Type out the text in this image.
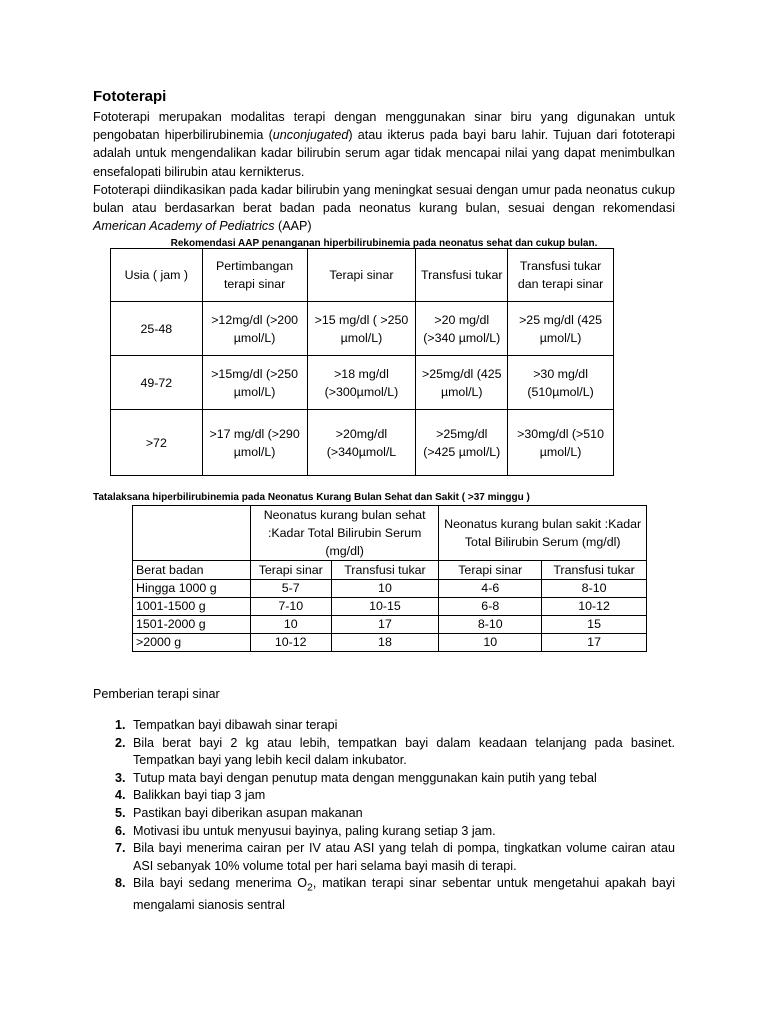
Fototerapi

Fototerapi merupakan modalitas terapi dengan menggunakan sinar biru yang digunakan untuk pengobatan hiperbilirubinemia (unconjugated) atau ikterus pada bayi baru lahir. Tujuan dari fototerapi adalah untuk mengendalikan kadar bilirubin serum agar tidak mencapai nilai yang dapat menimbulkan ensefalopati bilirubin atau kernikterus.

Fototerapi diindikasikan pada kadar bilirubin yang meningkat sesuai dengan umur pada neonatus cukup bulan atau berdasarkan berat badan pada neonatus kurang bulan, sesuai dengan rekomendasi American Academy of Pediatrics (AAP)

Rekomendasi AAP penanganan hiperbilirubinemia pada neonatus sehat dan cukup bulan.
Usia ( jam )	Pertimbangan terapi sinar	Terapi sinar	Transfusi tukar	Transfusi tukar dan terapi sinar
25-48	>12mg/dl (>200 µmol/L)	>15 mg/dl ( >250 µmol/L)	>20 mg/dl (>340 µmol/L)	>25 mg/dl (425 µmol/L)
49-72	>15mg/dl (>250 µmol/L)	>18 mg/dl (>300µmol/L)	>25mg/dl (425 µmol/L)	>30 mg/dl (510µmol/L)
>72	>17 mg/dl (>290 µmol/L)	>20mg/dl (>340µmol/L	>25mg/dl (>425 µmol/L)	>30mg/dl (>510 µmol/L)
Tatalaksana hiperbilirubinemia pada Neonatus Kurang Bulan Sehat dan Sakit ( >37 minggu )
	Neonatus kurang bulan sehat :Kadar Total Bilirubin Serum (mg/dl)		Neonatus kurang bulan sakit :Kadar Total Bilirubin Serum (mg/dl)	
Berat badan	Terapi sinar	Transfusi tukar	Terapi sinar	Transfusi tukar
Hingga 1000 g	5-7	10	4-6	8-10
1001-1500 g	7-10	10-15	6-8	10-12
1501-2000 g	10	17	8-10	15
>2000 g	10-12	18	10	17
Pemberian terapi sinar
1. Tempatkan bayi dibawah sinar terapi
2. Bila berat bayi 2 kg atau lebih, tempatkan bayi dalam keadaan telanjang pada basinet. Tempatkan bayi yang lebih kecil dalam inkubator.
3. Tutup mata bayi dengan penutup mata dengan menggunakan kain putih yang tebal
4. Balikkan bayi tiap 3 jam
5. Pastikan bayi diberikan asupan makanan
6. Motivasi ibu untuk menyusui bayinya, paling kurang setiap 3 jam.
7. Bila bayi menerima cairan per IV atau ASI yang telah di pompa, tingkatkan volume cairan atau ASI sebanyak 10% volume total per hari selama bayi masih di terapi.
8. Bila bayi sedang menerima $O_2$, matikan terapi sinar sebentar untuk mengetahui apakah bayi mengalami sianosis sentral
